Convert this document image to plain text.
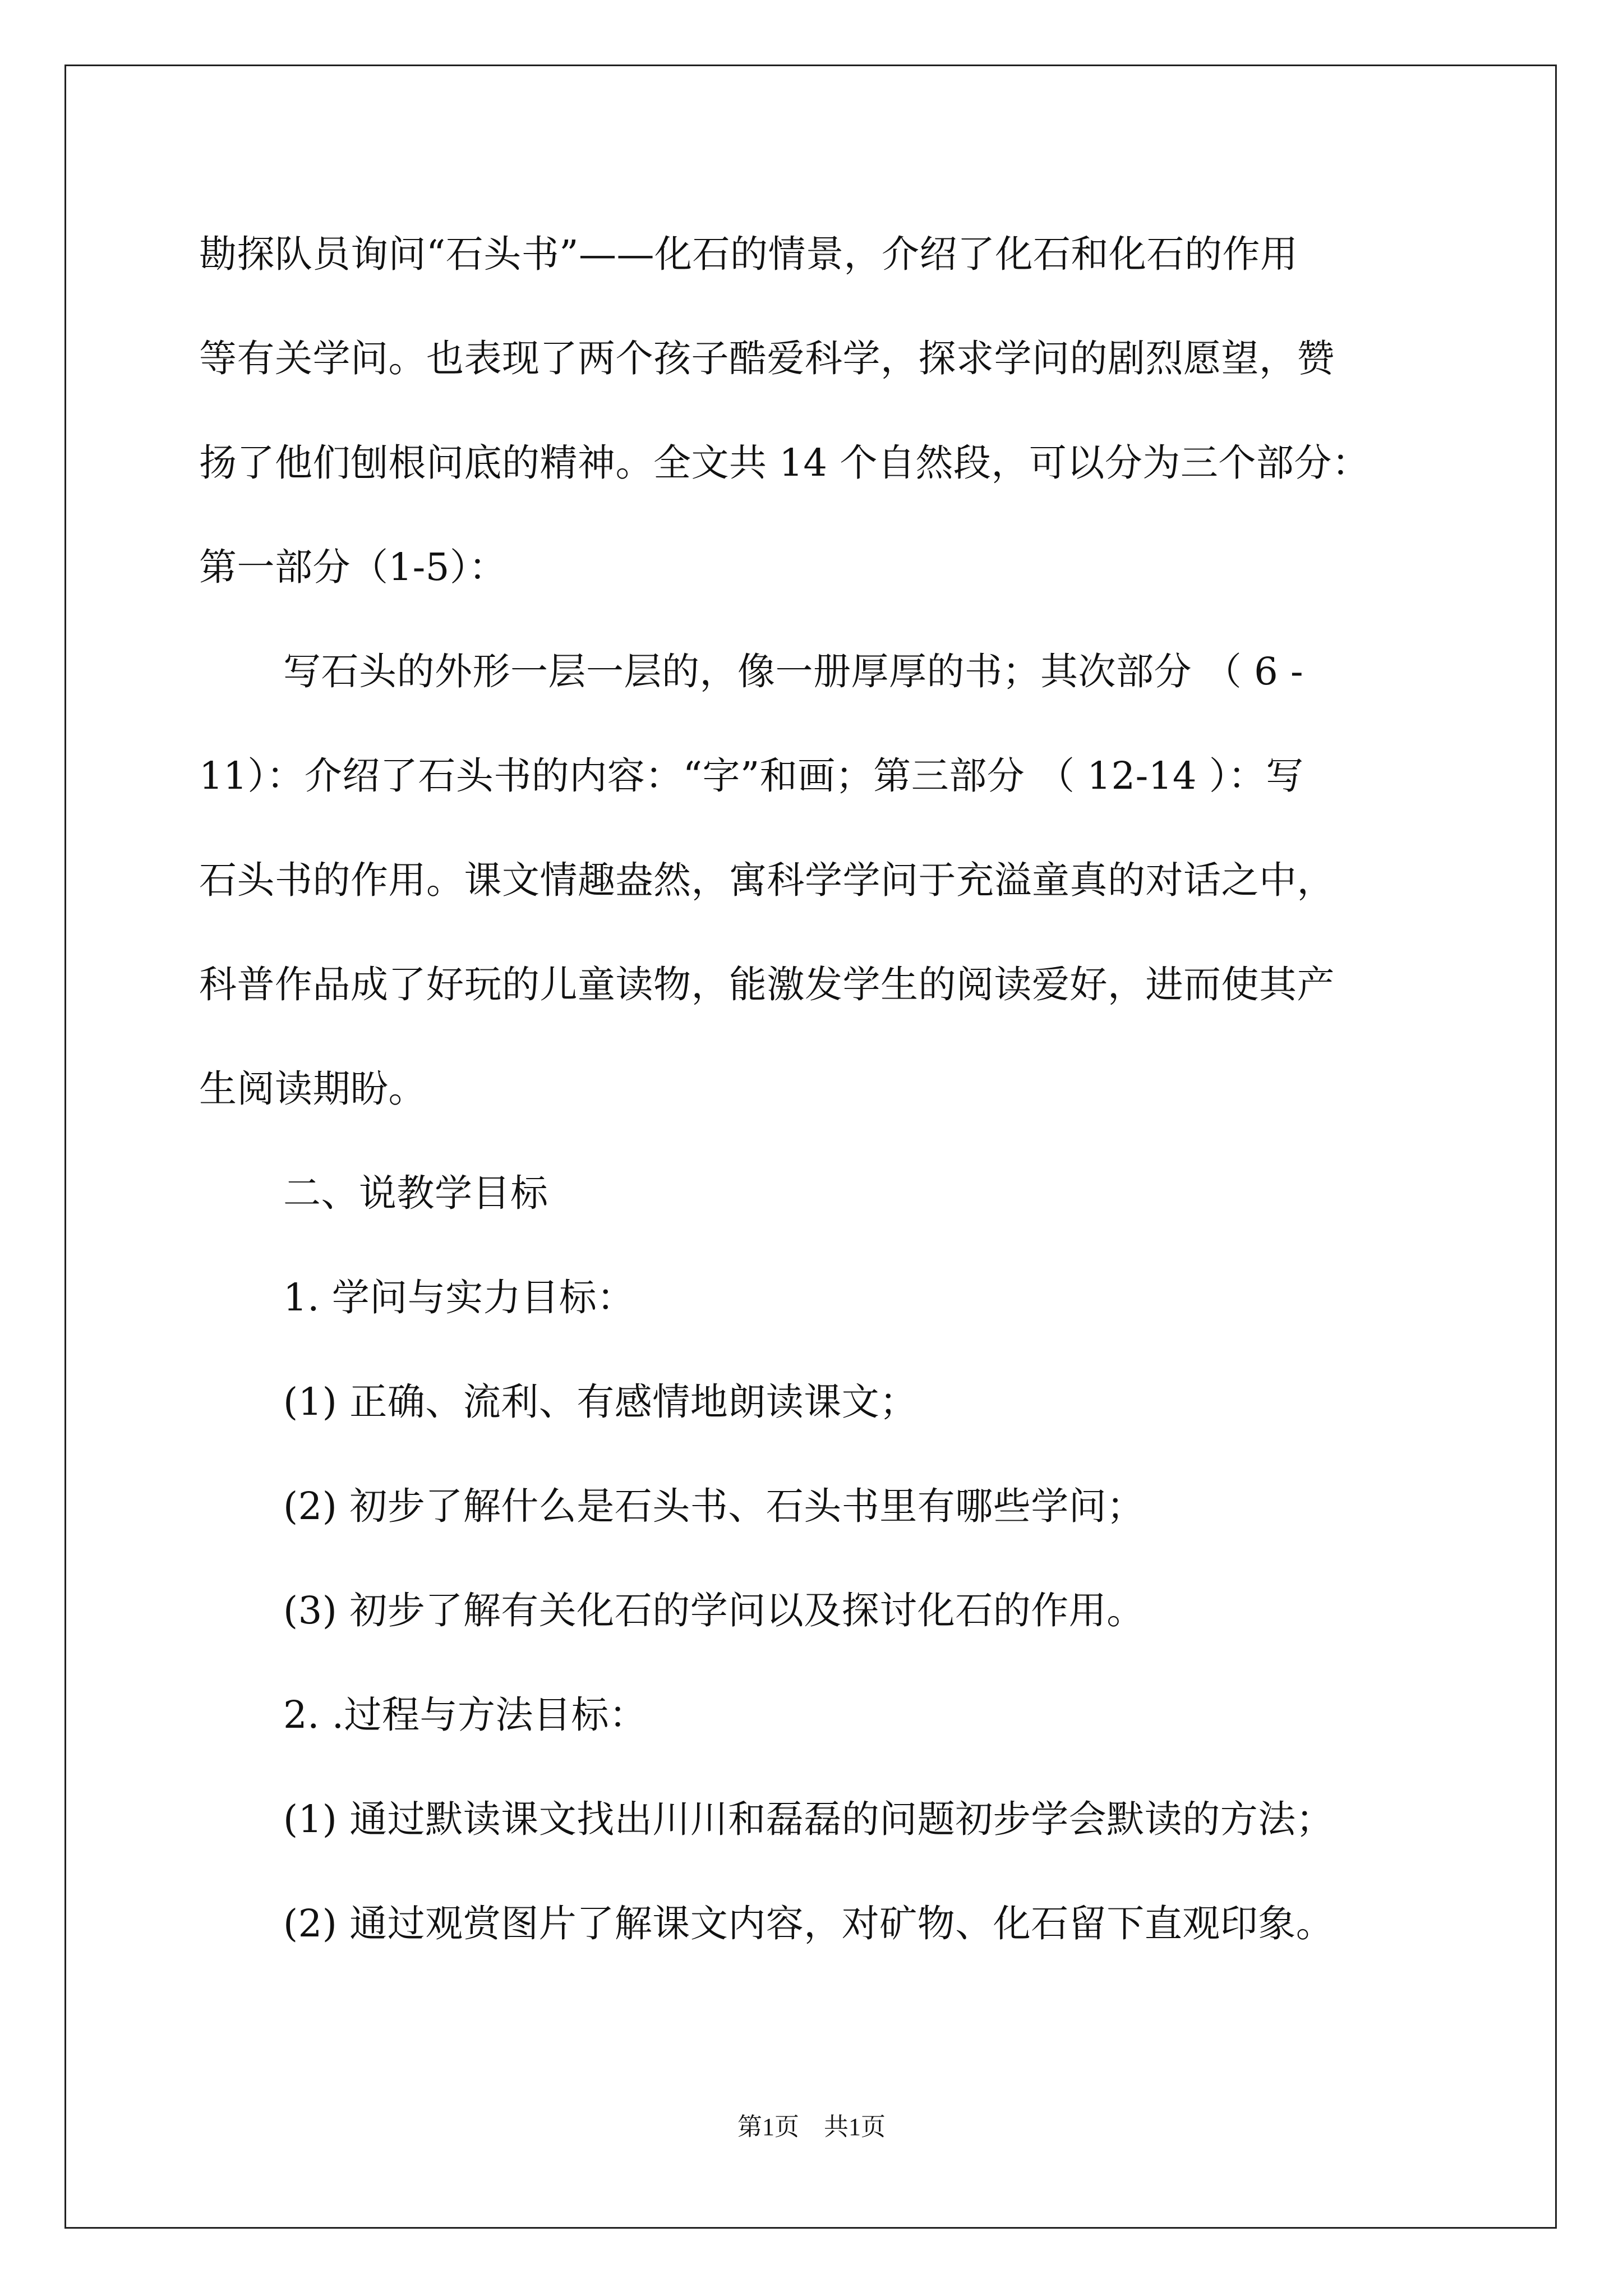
勘探队员询问“石头书”——化石的情景，介绍了化石和化石的作用
等有关学问。也表现了两个孩子酷爱科学，探求学问的剧烈愿望，赞
扬了他们刨根问底的精神。全文共 14 个自然段，可以分为三个部分：
第一部分（1-5）：
写石头的外形一层一层的，像一册厚厚的书；其次部分 （ 6 -
11）：介绍了石头书的内容：“字”和画；第三部分 （ 12-14 ）：写
石头书的作用。课文情趣盎然，寓科学学问于充溢童真的对话之中，
科普作品成了好玩的儿童读物，能激发学生的阅读爱好，进而使其产
生阅读期盼。
二、说教学目标
1. 学问与实力目标：
(1) 正确、流利、有感情地朗读课文；
(2) 初步了解什么是石头书、石头书里有哪些学问；
(3) 初步了解有关化石的学问以及探讨化石的作用。
2. .过程与方法目标：
(1) 通过默读课文找出川川和磊磊的问题初步学会默读的方法；
(2) 通过观赏图片了解课文内容，对矿物、化石留下直观印象。
第1页　共1页
